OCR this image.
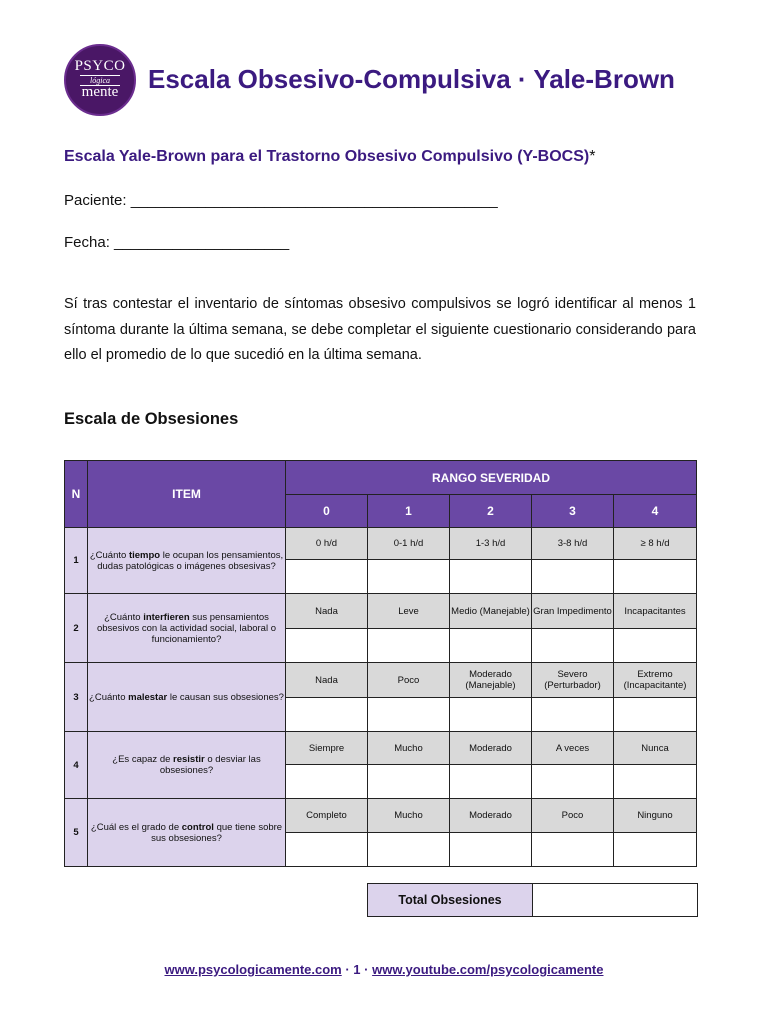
PSYCO
lógica
mente	Escala Obsesivo-Compulsiva · Yale-Brown
Escala Yale-Brown para el Trastorno Obsesivo Compulsivo (Y-BOCS)*
Paciente: ____________________________________________
Fecha: _____________________
Sí tras contestar el inventario de síntomas obsesivo compulsivos se logró identificar al menos 1 síntoma durante la última semana, se debe completar el siguiente cuestionario considerando para ello el promedio de lo que sucedió en la última semana.
Escala de Obsesiones
N	ITEM	RANGO SEVERIDAD				
		0	1	2	3	4
1	¿Cuánto tiempo le ocupan los pensamientos, dudas patológicas o imágenes obsesivas?	0 h/d	0-1 h/d	1-3 h/d	3-8 h/d	≥ 8 h/d

2	¿Cuánto interfieren sus pensamientos obsesivos con la actividad social, laboral o funcionamiento?	Nada	Leve	Medio (Manejable)	Gran Impedimento	Incapacitantes

3	¿Cuánto malestar le causan sus obsesiones?	Nada	Poco	Moderado (Manejable)	Severo (Perturbador)	Extremo (Incapacitante)

4	¿Es capaz de resistir o desviar las obsesiones?	Siempre	Mucho	Moderado	A veces	Nunca

5	¿Cuál es el grado de control que tiene sobre sus obsesiones?	Completo	Mucho	Moderado	Poco	Ninguno

Total Obsesiones	
www.psycologicamente.com · 1 · www.youtube.com/psycologicamente
